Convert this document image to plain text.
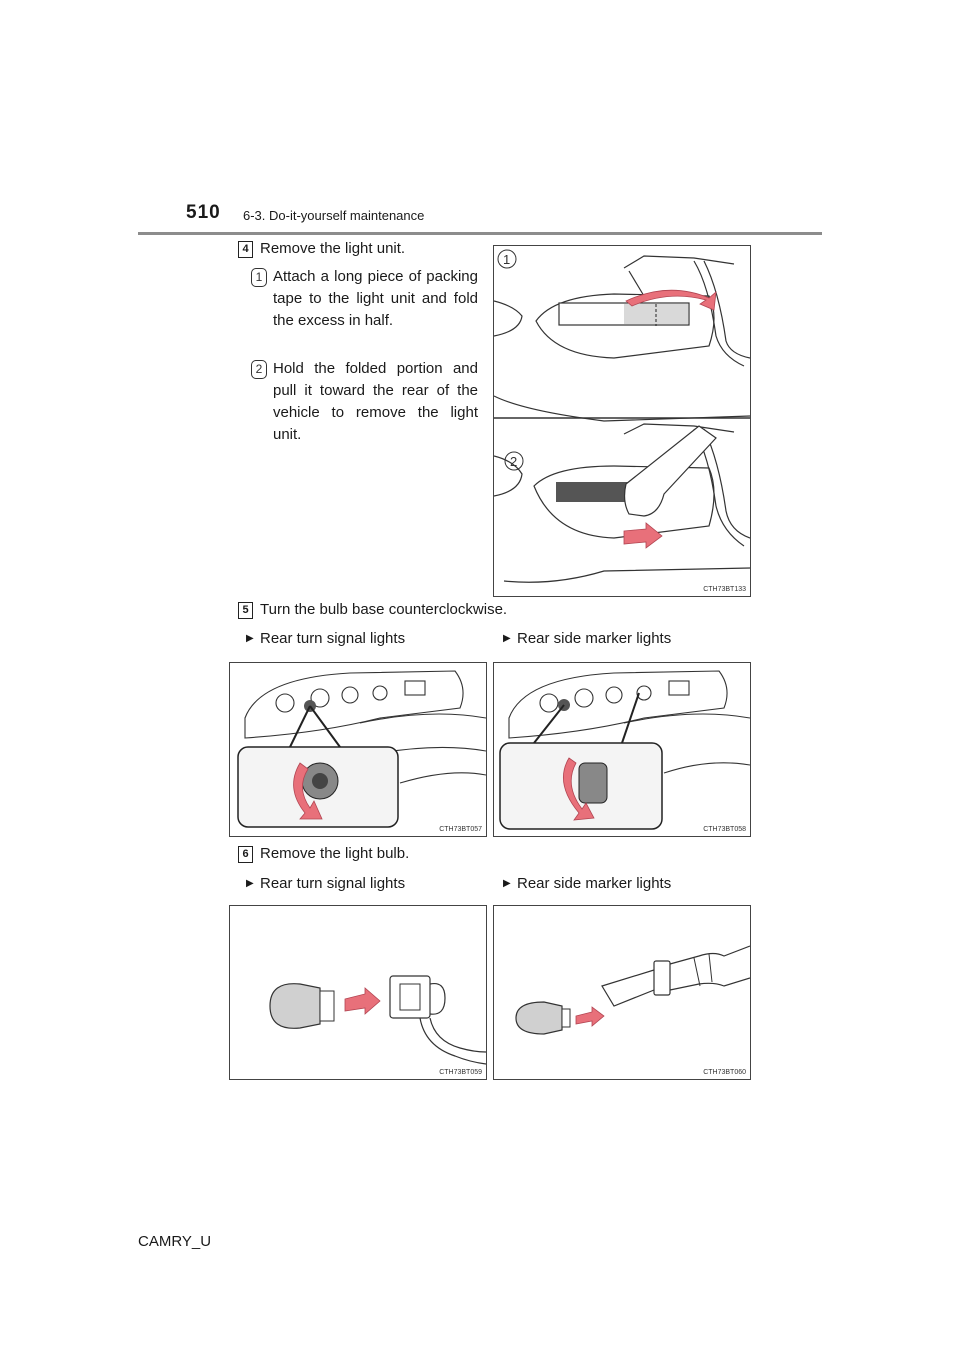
510 6-3. Do-it-yourself maintenance
4 Remove the light unit.
1 Attach a long piece of packing tape to the light unit and fold the excess in half.
2 Hold the folded portion and pull it toward the rear of the vehicle to remove the light unit.
1
2
CTH73BT133
5 Turn the bulb base counterclockwise.
▶ Rear turn signal lights	▶ Rear side marker lights
CTH73BT057	CTH73BT058
6 Remove the light bulb.
▶ Rear turn signal lights	▶ Rear side marker lights
CTH73BT059	CTH73BT060
CAMRY_U
